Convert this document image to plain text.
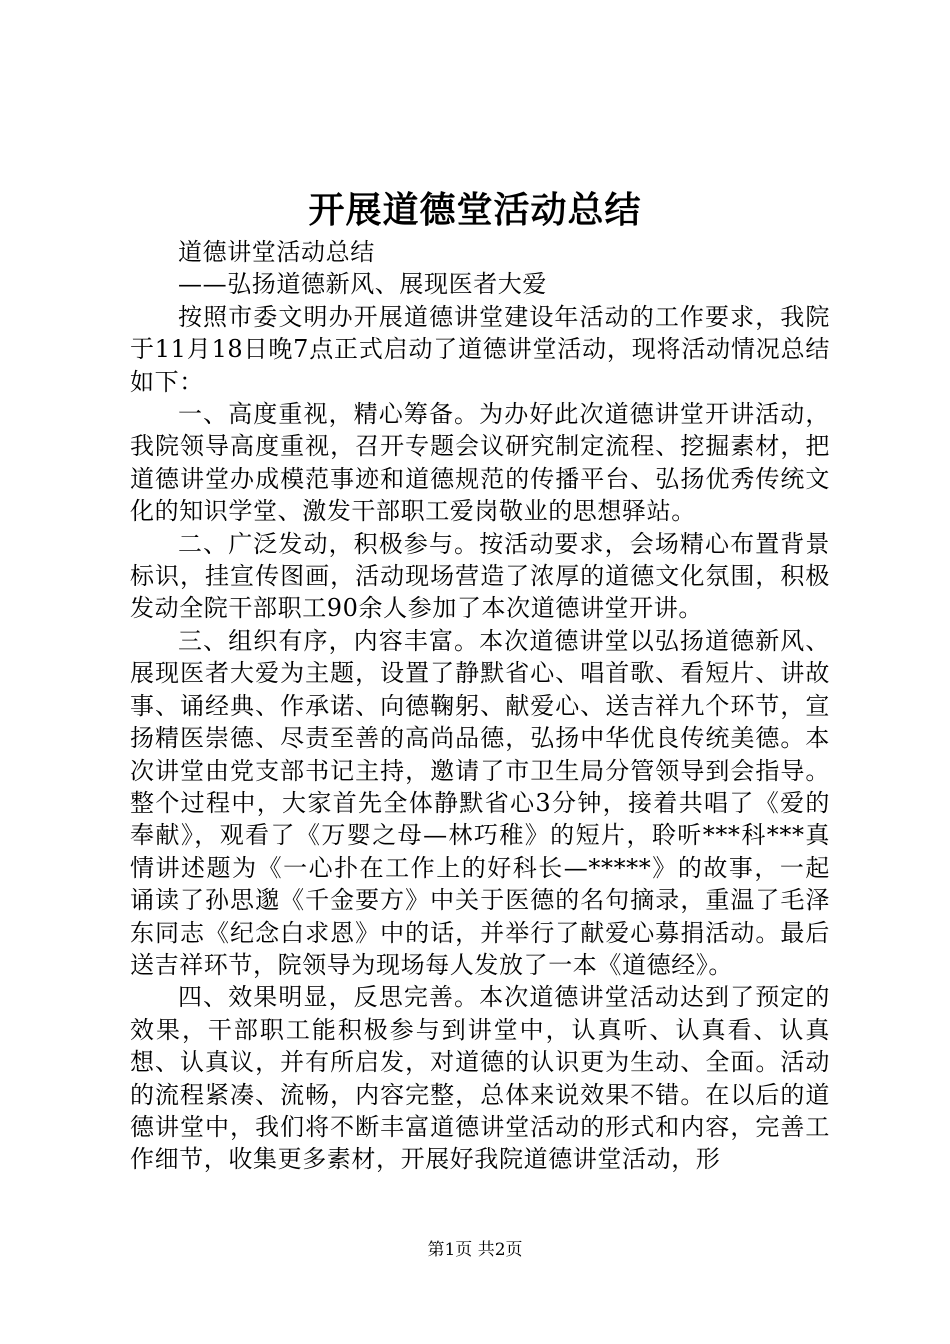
开展道德堂活动总结

道德讲堂活动总结

——弘扬道德新风、展现医者大爱

按照市委文明办开展道德讲堂建设年活动的工作要求，我院于11月18日晚7点正式启动了道德讲堂活动，现将活动情况总结如下：

一、高度重视，精心筹备。为办好此次道德讲堂开讲活动，我院领导高度重视，召开专题会议研究制定流程、挖掘素材，把道德讲堂办成模范事迹和道德规范的传播平台、弘扬优秀传统文化的知识学堂、激发干部职工爱岗敬业的思想驿站。

二、广泛发动，积极参与。按活动要求，会场精心布置背景标识，挂宣传图画，活动现场营造了浓厚的道德文化氛围，积极发动全院干部职工90余人参加了本次道德讲堂开讲。

三、组织有序，内容丰富。本次道德讲堂以弘扬道德新风、展现医者大爱为主题，设置了静默省心、唱首歌、看短片、讲故事、诵经典、作承诺、向德鞠躬、献爱心、送吉祥九个环节，宣扬精医崇德、尽责至善的高尚品德，弘扬中华优良传统美德。本次讲堂由党支部书记主持，邀请了市卫生局分管领导到会指导。整个过程中，大家首先全体静默省心3分钟，接着共唱了《爱的奉献》，观看了《万婴之母—林巧稚》的短片，聆听***科***真情讲述题为《一心扑在工作上的好科长—*****》的故事，一起诵读了孙思邈《千金要方》中关于医德的名句摘录，重温了毛泽东同志《纪念白求恩》中的话，并举行了献爱心募捐活动。最后送吉祥环节，院领导为现场每人发放了一本《道德经》。

四、效果明显，反思完善。本次道德讲堂活动达到了预定的效果，干部职工能积极参与到讲堂中，认真听、认真看、认真想、认真议，并有所启发，对道德的认识更为生动、全面。活动的流程紧凑、流畅，内容完整，总体来说效果不错。在以后的道德讲堂中，我们将不断丰富道德讲堂活动的形式和内容，完善工作细节，收集更多素材，开展好我院道德讲堂活动，形

第1页 共2页
